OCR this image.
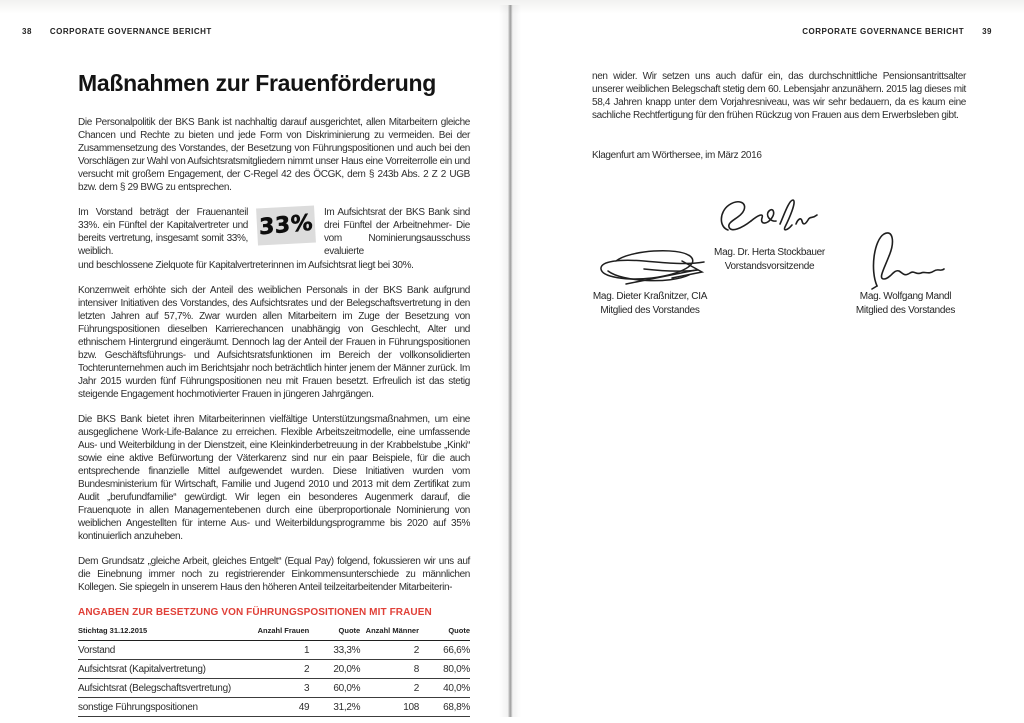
38 CORPORATE GOVERNANCE BERICHT	CORPORATE GOVERNANCE BERICHT 39
Maßnahmen zur Frauenförderung

Die Personalpolitik der BKS Bank ist nachhaltig darauf ausgerichtet, allen Mitarbeitern gleiche Chancen und Rechte zu bieten und jede Form von Diskriminierung zu vermeiden. Bei der Zusammensetzung des Vorstandes, der Besetzung von Führungspositionen und auch bei den Vorschlägen zur Wahl von Aufsichtsratsmitgliedern nimmt unser Haus eine Vorreiterrolle ein und versucht mit großem Engagement, der C-Regel 42 des ÖCGK, dem § 243b Abs. 2 Z 2 UGB bzw. dem § 29 BWG zu entsprechen.

Im Vorstand beträgt der Frauenanteil 33%. ein Fünftel der Kapitalvertreter und bereits vertretung, insgesamt somit 33%, weiblich.
33% Im Aufsichtsrat der BKS Bank sind drei Fünftel der Arbeitnehmer- Die vom Nominierungsausschuss evaluierte
und beschlossene Zielquote für Kapitalvertreterinnen im Aufsichtsrat liegt bei 30%.

Konzernweit erhöhte sich der Anteil des weiblichen Personals in der BKS Bank aufgrund intensiver Initiativen des Vorstandes, des Aufsichtsrates und der Belegschaftsvertretung in den letzten Jahren auf 57,7%. Zwar wurden allen Mitarbeitern im Zuge der Besetzung von Führungspositionen dieselben Karrierechancen unabhängig von Geschlecht, Alter und ethnischem Hintergrund eingeräumt. Dennoch lag der Anteil der Frauen in Führungspositionen bzw. Geschäftsführungs- und Aufsichtsratsfunktionen im Bereich der vollkonsolidierten Tochterunternehmen auch im Berichtsjahr noch beträchtlich hinter jenem der Männer zurück. Im Jahr 2015 wurden fünf Führungspositionen neu mit Frauen besetzt. Erfreulich ist das stetig steigende Engagement hochmotivierter Frauen in jüngeren Jahrgängen.

Die BKS Bank bietet ihren Mitarbeiterinnen vielfältige Unterstützungsmaßnahmen, um eine ausgeglichene Work-Life-Balance zu erreichen. Flexible Arbeitszeitmodelle, eine umfassende Aus- und Weiterbildung in der Dienstzeit, eine Kleinkinderbetreuung in der Krabbelstube „Kinki“ sowie eine aktive Befürwortung der Väterkarenz sind nur ein paar Beispiele, für die auch entsprechende finanzielle Mittel aufgewendet wurden. Diese Initiativen wurden vom Bundesministerium für Wirtschaft, Familie und Jugend 2010 und 2013 mit dem Zertifikat zum Audit „berufundfamilie“ gewürdigt. Wir legen ein besonderes Augenmerk darauf, die Frauenquote in allen Managementebenen durch eine überproportionale Nominierung von weiblichen Angestellten für interne Aus- und Weiterbildungsprogramme bis 2020 auf 35% kontinuierlich anzuheben.

Dem Grundsatz „gleiche Arbeit, gleiches Entgelt“ (Equal Pay) folgend, fokussieren wir uns auf die Einebnung immer noch zu registrierender Einkommensunterschiede zu männlichen Kollegen. Sie spiegeln in unserem Haus den höheren Anteil teilzeitarbeitender Mitarbeiterin-

ANGABEN ZUR BESETZUNG VON FÜHRUNGSPOSITIONEN MIT FRAUEN
Stichtag 31.12.2015	Anzahl Frauen	Quote	Anzahl Männer	Quote
Vorstand	1	33,3%	2	66,6%
Aufsichtsrat (Kapitalvertretung)	2	20,0%	8	80,0%
Aufsichtsrat (Belegschaftsvertretung)	3	60,0%	2	40,0%
sonstige Führungspositionen	49	31,2%	108	68,8%

nen wider. Wir setzen uns auch dafür ein, das durchschnittliche Pensionsantrittsalter unserer weiblichen Belegschaft stetig dem 60. Lebensjahr anzunähern. 2015 lag dieses mit 58,4 Jahren knapp unter dem Vorjahresniveau, was wir sehr bedauern, da es kaum eine sachliche Rechtfertigung für den frühen Rückzug von Frauen aus dem Erwerbsleben gibt.

Klagenfurt am Wörthersee, im März 2016
Mag. Dr. Herta Stockbauer
Vorstandsvorsitzende
Mag. Dieter Kraßnitzer, CIA
Mitglied des Vorstandes
Mag. Wolfgang Mandl
Mitglied des Vorstandes
